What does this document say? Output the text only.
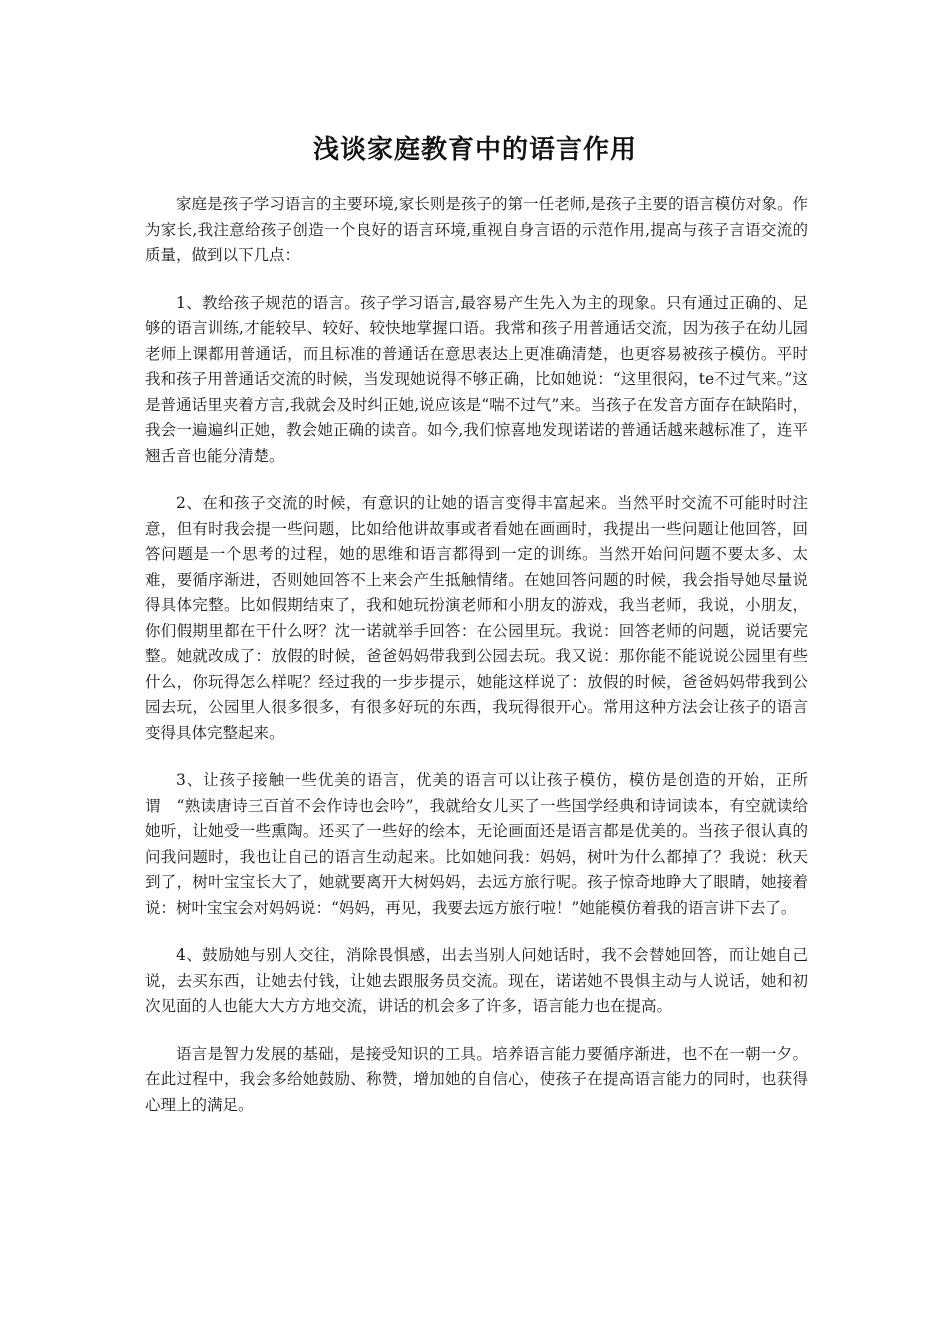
浅谈家庭教育中的语言作用

家庭是孩子学习语言的主要环境,家长则是孩子的第一任老师,是孩子主要的语言模仿对象。作为家长,我注意给孩子创造一个良好的语言环境,重视自身言语的示范作用,提高与孩子言语交流的质量，做到以下几点：

1、教给孩子规范的语言。孩子学习语言,最容易产生先入为主的现象。只有通过正确的、足够的语言训练,才能较早、较好、较快地掌握口语。我常和孩子用普通话交流，因为孩子在幼儿园老师上课都用普通话，而且标准的普通话在意思表达上更准确清楚，也更容易被孩子模仿。平时我和孩子用普通话交流的时候，当发现她说得不够正确，比如她说：“这里很闷，te不过气来。”这是普通话里夹着方言,我就会及时纠正她,说应该是“喘不过气”来。当孩子在发音方面存在缺陷时，我会一遍遍纠正她，教会她正确的读音。如今,我们惊喜地发现诺诺的普通话越来越标准了，连平翘舌音也能分清楚。

2、在和孩子交流的时候，有意识的让她的语言变得丰富起来。当然平时交流不可能时时注意，但有时我会提一些问题，比如给他讲故事或者看她在画画时，我提出一些问题让他回答，回答问题是一个思考的过程，她的思维和语言都得到一定的训练。当然开始问问题不要太多、太难，要循序渐进，否则她回答不上来会产生抵触情绪。在她回答问题的时候，我会指导她尽量说得具体完整。比如假期结束了，我和她玩扮演老师和小朋友的游戏，我当老师，我说，小朋友，你们假期里都在干什么呀？沈一诺就举手回答：在公园里玩。我说：回答老师的问题，说话要完整。她就改成了：放假的时候，爸爸妈妈带我到公园去玩。我又说：那你能不能说说公园里有些什么，你玩得怎么样呢？经过我的一步步提示，她能这样说了：放假的时候，爸爸妈妈带我到公园去玩，公园里人很多很多，有很多好玩的东西，我玩得很开心。常用这种方法会让孩子的语言变得具体完整起来。

3、让孩子接触一些优美的语言，优美的语言可以让孩子模仿，模仿是创造的开始，正所谓　“熟读唐诗三百首不会作诗也会吟”，我就给女儿买了一些国学经典和诗词读本，有空就读给她听，让她受一些熏陶。还买了一些好的绘本，无论画面还是语言都是优美的。当孩子很认真的问我问题时，我也让自己的语言生动起来。比如她问我：妈妈，树叶为什么都掉了？我说：秋天到了，树叶宝宝长大了，她就要离开大树妈妈，去远方旅行呢。孩子惊奇地睁大了眼睛，她接着说：树叶宝宝会对妈妈说：“妈妈，再见，我要去远方旅行啦！”她能模仿着我的语言讲下去了。

4、鼓励她与别人交往，消除畏惧感，出去当别人问她话时，我不会替她回答，而让她自己说，去买东西，让她去付钱，让她去跟服务员交流。现在，诺诺她不畏惧主动与人说话，她和初次见面的人也能大大方方地交流，讲话的机会多了许多，语言能力也在提高。

语言是智力发展的基础，是接受知识的工具。培养语言能力要循序渐进，也不在一朝一夕。在此过程中，我会多给她鼓励、称赞，增加她的自信心，使孩子在提高语言能力的同时，也获得心理上的满足。
